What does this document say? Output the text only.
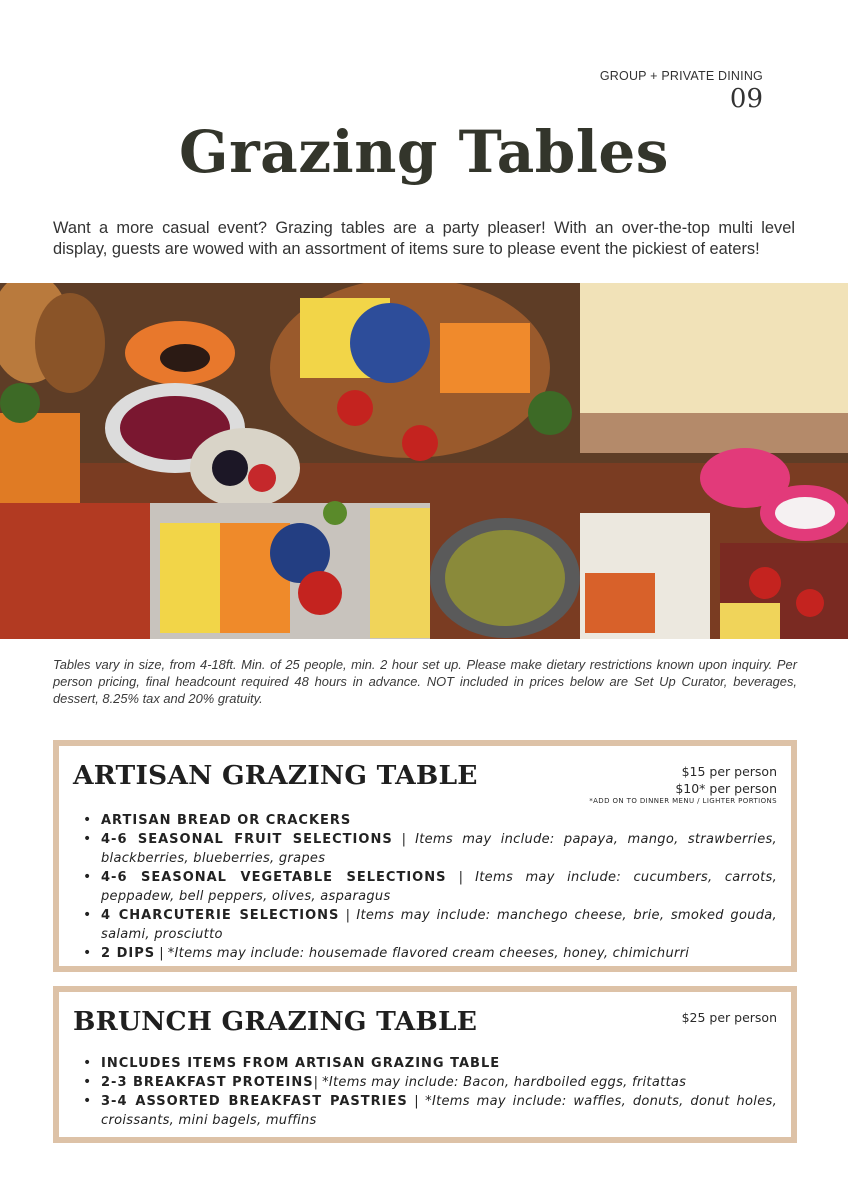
GROUP + PRIVATE DINING
09
Grazing Tables

Want a more casual event? Grazing tables are a party pleaser! With an over-the-top multi level display, guests are wowed with an assortment of items sure to please event the pickiest of eaters!

Tables vary in size, from 4-18ft. Min. of 25 people, min. 2 hour set up. Please make dietary restrictions known upon inquiry. Per person pricing, final headcount required 48 hours in advance. NOT included in prices below are Set Up Curator, beverages, dessert, 8.25% tax and 20% gratuity.

ARTISAN GRAZING TABLE	$15 per person
$10* per person
*ADD ON TO DINNER MENU / LIGHTER PORTIONS
• ARTISAN BREAD OR CRACKERS
• 4-6 SEASONAL FRUIT SELECTIONS | Items may include: papaya, mango, strawberries, blackberries, blueberries, grapes
• 4-6 SEASONAL VEGETABLE SELECTIONS | Items may include: cucumbers, carrots, peppadew, bell peppers, olives, asparagus
• 4 CHARCUTERIE SELECTIONS | Items may include: manchego cheese, brie, smoked gouda, salami, prosciutto
• 2 DIPS | *Items may include: housemade flavored cream cheeses, honey, chimichurri
BRUNCH GRAZING TABLE	$25 per person
• INCLUDES ITEMS FROM ARTISAN GRAZING TABLE
• 2-3 BREAKFAST PROTEINS| *Items may include: Bacon, hardboiled eggs, fritattas
• 3-4 ASSORTED BREAKFAST PASTRIES | *Items may include: waffles, donuts, donut holes, croissants, mini bagels, muffins
